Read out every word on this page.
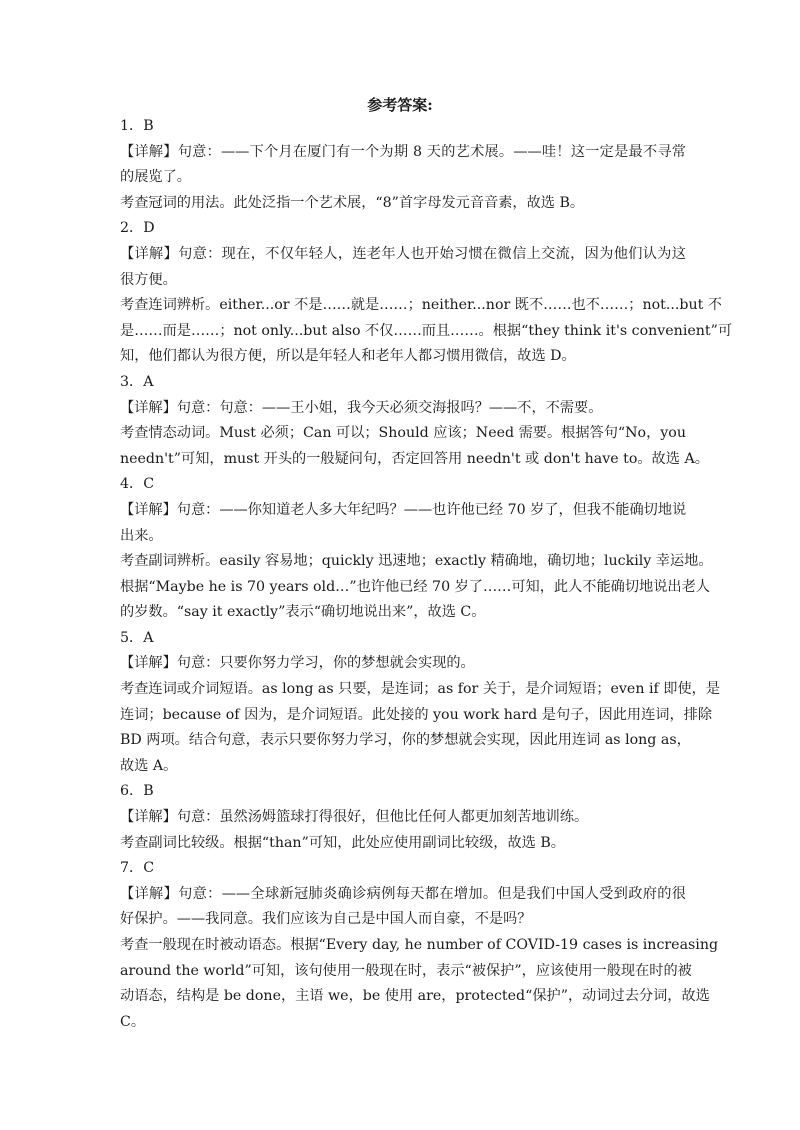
参考答案:
1．B
【详解】句意：——下个月在厦门有一个为期 8 天的艺术展。——哇！这一定是最不寻常
的展览了。
考查冠词的用法。此处泛指一个艺术展，“8”首字母发元音音素，故选 B。
2．D
【详解】句意：现在，不仅年轻人，连老年人也开始习惯在微信上交流，因为他们认为这
很方便。
考查连词辨析。either...or 不是……就是……；neither...nor 既不……也不……；not...but 不
是……而是……；not only...but also 不仅……而且……。根据“they think it's convenient”可
知，他们都认为很方便，所以是年轻人和老年人都习惯用微信，故选 D。
3．A
【详解】句意：句意：——王小姐，我今天必须交海报吗？——不，不需要。
考查情态动词。Must 必须；Can 可以；Should 应该；Need 需要。根据答句“No，you
needn't”可知，must 开头的一般疑问句，否定回答用 needn't 或 don't have to。故选 A。
4．C
【详解】句意：——你知道老人多大年纪吗？——也许他已经 70 岁了，但我不能确切地说
出来。
考查副词辨析。easily 容易地；quickly 迅速地；exactly 精确地，确切地；luckily 幸运地。
根据“Maybe he is 70 years old…”也许他已经 70 岁了……可知，此人不能确切地说出老人
的岁数。“say it exactly”表示“确切地说出来”，故选 C。
5．A
【详解】句意：只要你努力学习，你的梦想就会实现的。
考查连词或介词短语。as long as 只要，是连词；as for 关于，是介词短语；even if 即使，是
连词；because of 因为，是介词短语。此处接的 you work hard 是句子，因此用连词，排除
BD 两项。结合句意，表示只要你努力学习，你的梦想就会实现，因此用连词 as long as，
故选 A。
6．B
【详解】句意：虽然汤姆篮球打得很好，但他比任何人都更加刻苦地训练。
考查副词比较级。根据“than”可知，此处应使用副词比较级，故选 B。
7．C
【详解】句意：——全球新冠肺炎确诊病例每天都在增加。但是我们中国人受到政府的很
好保护。——我同意。我们应该为自己是中国人而自豪，不是吗？
考查一般现在时被动语态。根据“Every day, he number of COVID-19 cases is increasing
around the world”可知，该句使用一般现在时，表示“被保护”，应该使用一般现在时的被
动语态，结构是 be done，主语 we，be 使用 are，protected“保护”，动词过去分词，故选
C。
